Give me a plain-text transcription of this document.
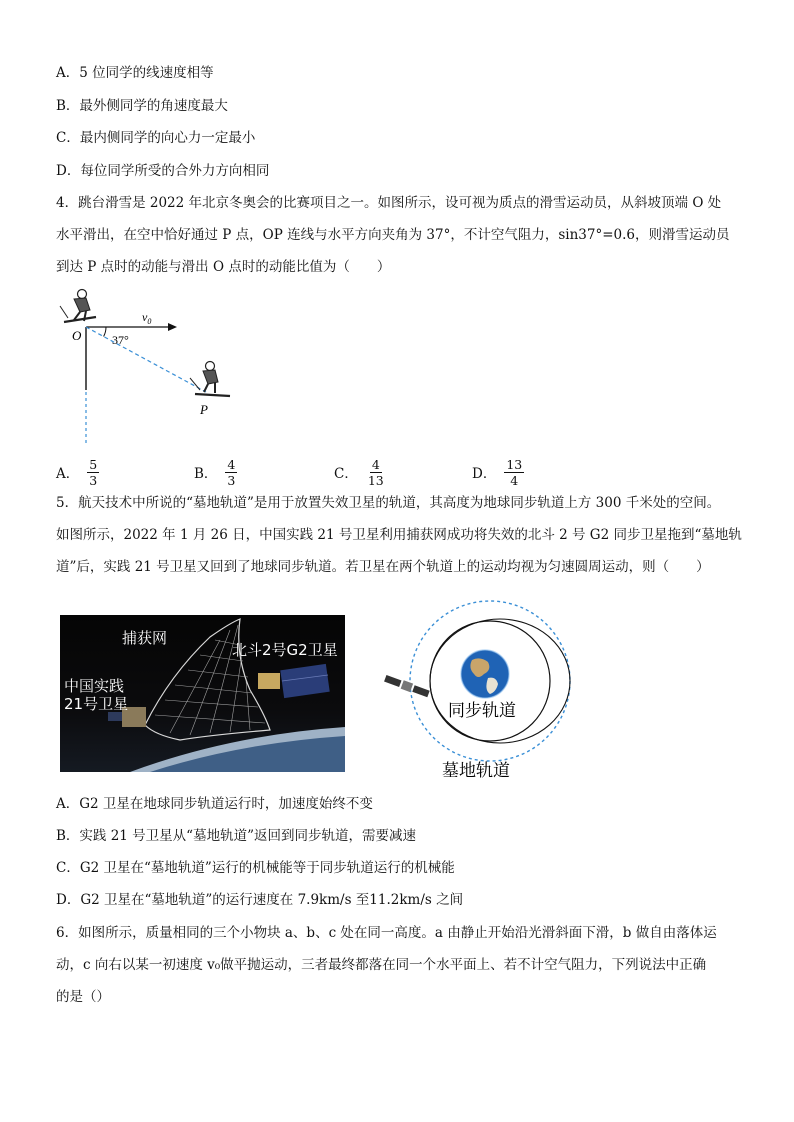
A．5 位同学的线速度相等
B．最外侧同学的角速度最大
C．最内侧同学的向心力一定最小
D．每位同学所受的合外力方向相同
4．跳台滑雪是 2022 年北京冬奥会的比赛项目之一。如图所示，设可视为质点的滑雪运动员，从斜坡顶端 O 处
水平滑出，在空中恰好通过 P 点，OP 连线与水平方向夹角为 37°，不计空气阻力，sin37°=0.6，则滑雪运动员
到达 P 点时的动能与滑出 O 点时的动能比值为（　　）
$v_0$
O	37°
P
A． $\frac{5}{3}$	B． $\frac{4}{3}$	C． $\frac{4}{13}$	D． $\frac{13}{4}$
5．航天技术中所说的“墓地轨道”是用于放置失效卫星的轨道，其高度为地球同步轨道上方 300 千米处的空间。
如图所示，2022 年 1 月 26 日，中国实践 21 号卫星利用捕获网成功将失效的北斗 2 号 G2 同步卫星拖到“墓地轨
道”后，实践 21 号卫星又回到了地球同步轨道。若卫星在两个轨道上的运动均视为匀速圆周运动，则（　　）
捕获网
北斗2号G2卫星
中国实践
21号卫星	同步轨道
墓地轨道
A．G2 卫星在地球同步轨道运行时，加速度始终不变
B．实践 21 号卫星从“墓地轨道”返回到同步轨道，需要减速
C．G2 卫星在“墓地轨道”运行的机械能等于同步轨道运行的机械能
D．G2 卫星在“墓地轨道”的运行速度在 7.9km/s 至11.2km/s 之间
6．如图所示，质量相同的三个小物块 a、b、c 处在同一高度。a 由静止开始沿光滑斜面下滑，b 做自由落体运
动，c 向右以某一初速度 v₀做平抛运动，三者最终都落在同一个水平面上、若不计空气阻力，下列说法中正确
的是（）
